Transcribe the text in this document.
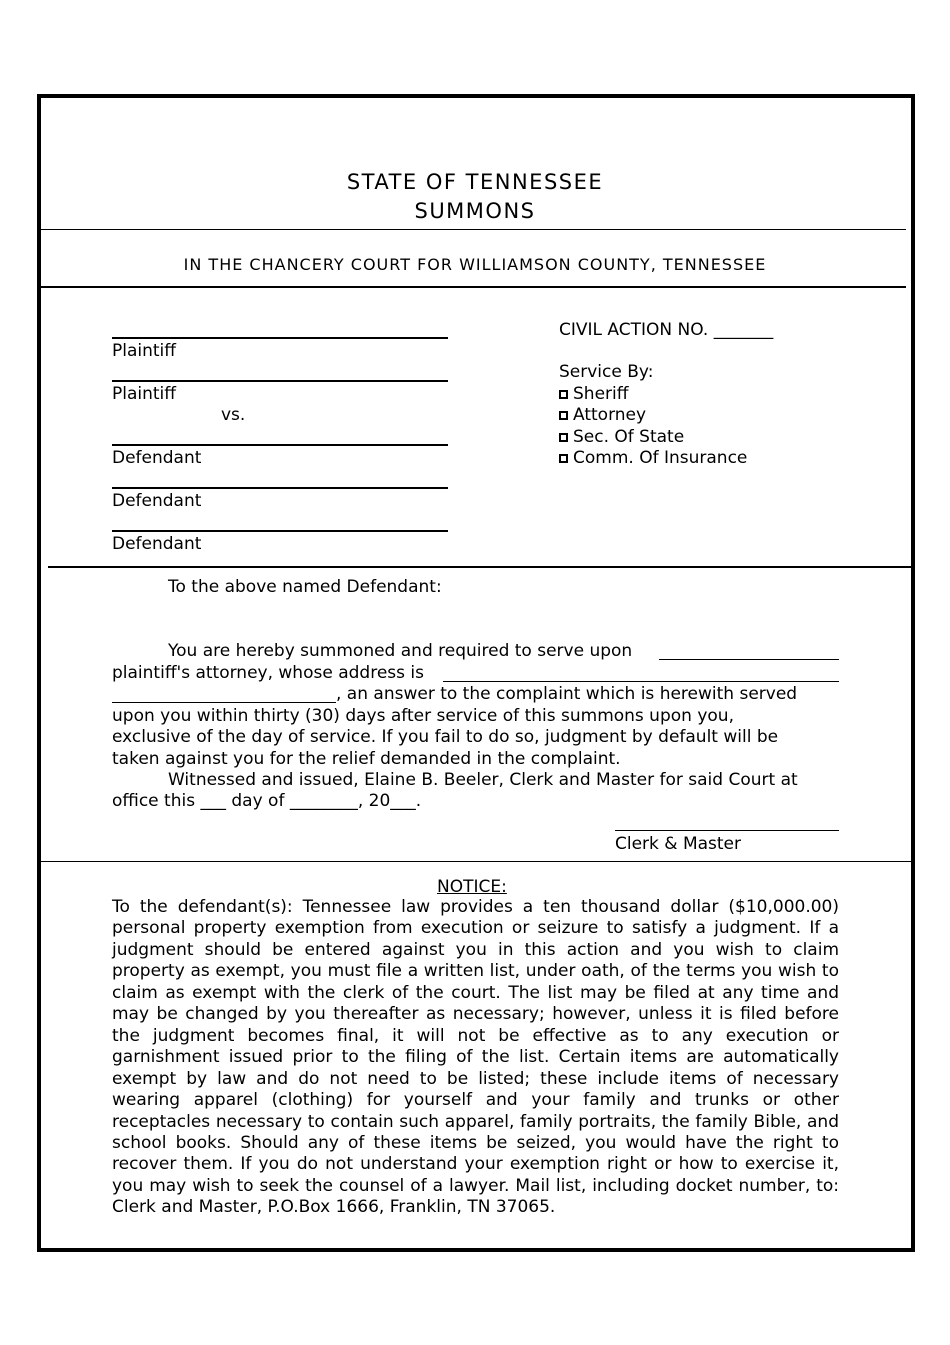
STATE OF TENNESSEE
SUMMONS
IN THE CHANCERY COURT FOR WILLIAMSON COUNTY, TENNESSEE
Plaintiff
Plaintiff
vs.
Defendant
Defendant
Defendant
CIVIL ACTION NO. _______
Service By:
Sheriff
Attorney
Sec. Of State
Comm. Of Insurance
To the above named Defendant:
You are hereby summoned and required to serve upon
plaintiff's attorney, whose address is
, an answer to the complaint which is herewith served
upon you within thirty (30) days after service of this summons upon you,
exclusive of the day of service. If you fail to do so, judgment by default will be
taken against you for the relief demanded in the complaint.
Witnessed and issued, Elaine B. Beeler, Clerk and Master for said Court at
office this ___ day of ________, 20___.
Clerk & Master
NOTICE:
To the defendant(s): Tennessee law provides a ten thousand dollar ($10,000.00) personal property exemption from execution or seizure to satisfy a judgment. If a judgment should be entered against you in this action and you wish to claim property as exempt, you must file a written list, under oath, of the terms you wish to claim as exempt with the clerk of the court. The list may be filed at any time and may be changed by you thereafter as necessary; however, unless it is filed before the judgment becomes final, it will not be effective as to any execution or garnishment issued prior to the filing of the list. Certain items are automatically exempt by law and do not need to be listed; these include items of necessary wearing apparel (clothing) for yourself and your family and trunks or other receptacles necessary to contain such apparel, family portraits, the family Bible, and school books. Should any of these items be seized, you would have the right to recover them. If you do not understand your exemption right or how to exercise it, you may wish to seek the counsel of a lawyer. Mail list, including docket number, to: Clerk and Master, P.O.Box 1666, Franklin, TN 37065.
